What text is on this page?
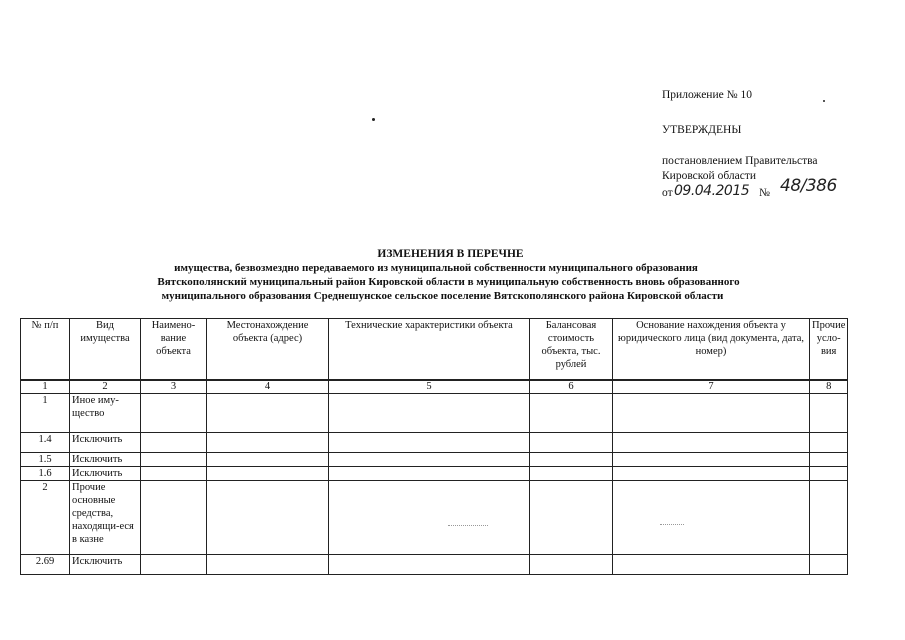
Приложение № 10
УТВЕРЖДЕНЫ
постановлением Правительства
Кировской области
от 09.04.2015 № 48/386
ИЗМЕНЕНИЯ В ПЕРЕЧНЕ
имущества, безвозмездно передаваемого из муниципальной собственности муниципального образования
Вятскополянский муниципальный район Кировской области в муниципальную собственность вновь образованного
муниципального образования Среднешунское сельское поселение Вятскополянского района Кировской области
№ п/п	Вид имущества	Наимено-вание объекта	Местонахождение объекта (адрес)	Технические характеристики объекта	Балансовая стоимость объекта, тыс. рублей	Основание нахождения объекта у юридического лица (вид документа, дата, номер)	Прочие усло-вия
1	2	3	4	5	6	7	8
1	Иное иму-щество						
1.4	Исключить						
1.5	Исключить						
1.6	Исключить						
2	Прочие основные средства, находящи-еся в казне						
2.69	Исключить						
